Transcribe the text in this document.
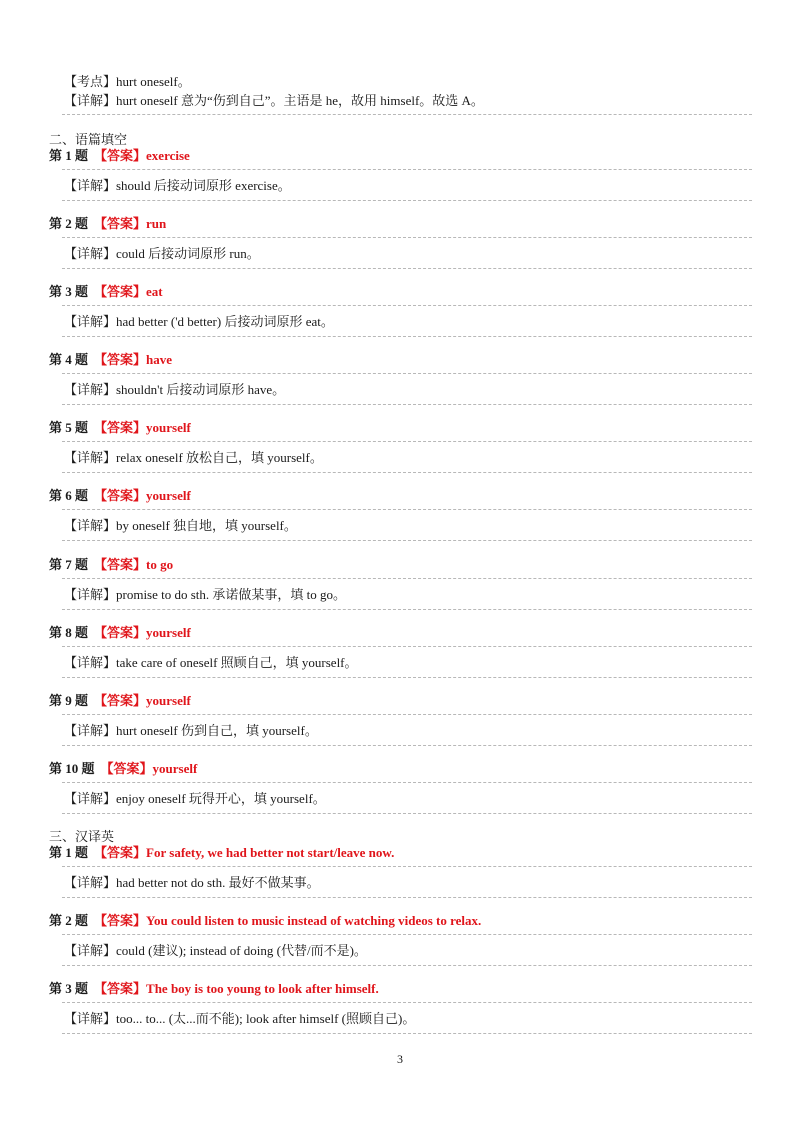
【考点】hurt oneself。
【详解】hurt oneself 意为“伤到自己”。主语是 he，故用 himself。故选 A。
二、语篇填空
第 1 题 【答案】exercise
【详解】should 后接动词原形 exercise。
第 2 题 【答案】run
【详解】could 后接动词原形 run。
第 3 题 【答案】eat
【详解】had better ('d better) 后接动词原形 eat。
第 4 题 【答案】have
【详解】shouldn't 后接动词原形 have。
第 5 题 【答案】yourself
【详解】relax oneself 放松自己，填 yourself。
第 6 题 【答案】yourself
【详解】by oneself 独自地，填 yourself。
第 7 题 【答案】to go
【详解】promise to do sth. 承诺做某事，填 to go。
第 8 题 【答案】yourself
【详解】take care of oneself 照顾自己，填 yourself。
第 9 题 【答案】yourself
【详解】hurt oneself 伤到自己，填 yourself。
第 10 题 【答案】yourself
【详解】enjoy oneself 玩得开心，填 yourself。
三、汉译英
第 1 题 【答案】For safety, we had better not start/leave now.
【详解】had better not do sth. 最好不做某事。
第 2 题 【答案】You could listen to music instead of watching videos to relax.
【详解】could (建议); instead of doing (代替/而不是)。
第 3 题 【答案】The boy is too young to look after himself.
【详解】too... to... (太...而不能); look after himself (照顾自己)。
3
